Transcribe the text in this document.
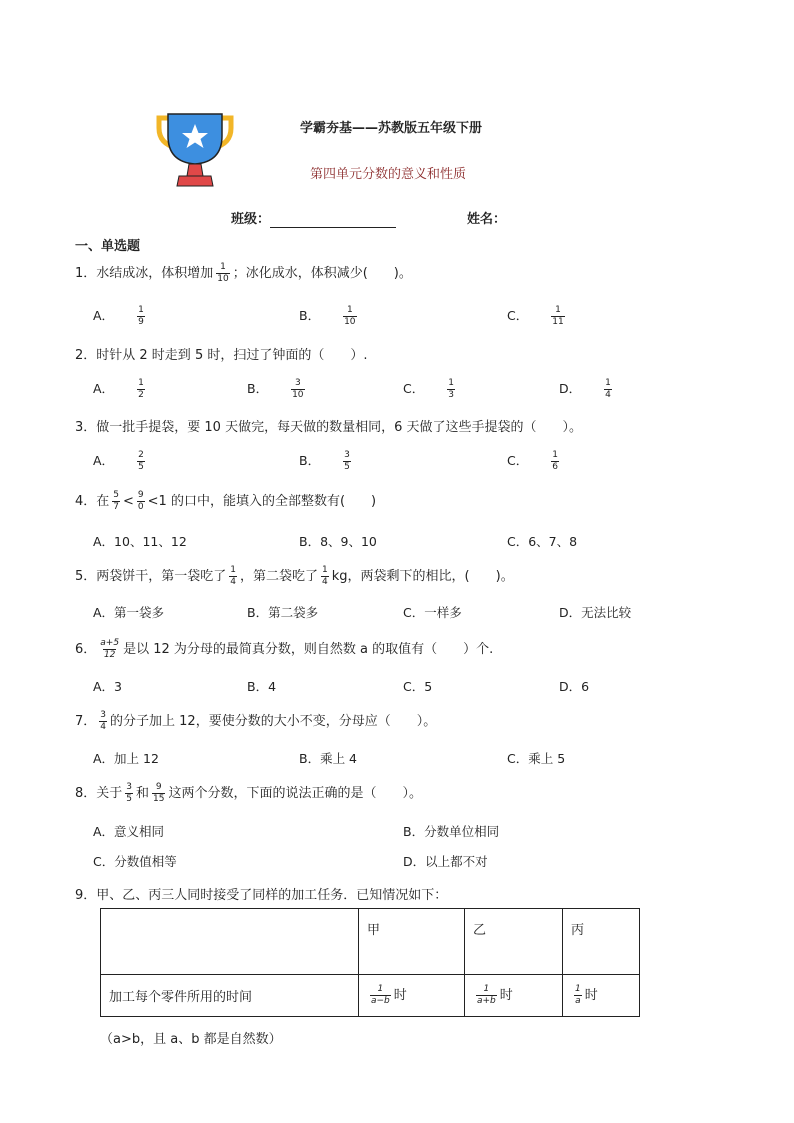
学霸夯基——苏教版五年级下册
第四单元分数的意义和性质
班级：	姓名：
一、单选题
1．水结成冰，体积增加 $\frac{1}{10}$ ；冰化成水，体积减少(　　)。
A．	$\frac{1}{9}$	B．	$\frac{1}{10}$	C．	$\frac{1}{11}$
2．时针从 2 时走到 5 时，扫过了钟面的（　　）.
A．	$\frac{1}{2}$	B．	$\frac{3}{10}$	C．	$\frac{1}{3}$	D．	$\frac{1}{4}$
3．做一批手提袋，要 10 天做完，每天做的数量相同，6 天做了这些手提袋的（　　）。
A．	$\frac{2}{5}$	B．	$\frac{3}{5}$	C．	$\frac{1}{6}$
4．在 $\frac{5}{7} < \frac{9}{0} <1$ 的口中，能填入的全部整数有(　　)
A．10、11、12	B．8、9、10	C．6、7、8
5．两袋饼干，第一袋吃了 $\frac{1}{4}$ ，第二袋吃了 $\frac{1}{4}$ kg，两袋剩下的相比，(　　)。
A．第一袋多	B．第二袋多	C．一样多	D．无法比较
6． $\frac{a+5}{12}$ 是以 12 为分母的最简真分数，则自然数 a 的取值有（　　）个.
A．3	B．4	C．5	D．6
7． $\frac{3}{4}$ 的分子加上 12，要使分数的大小不变，分母应（　　）。
A．加上 12	B．乘上 4	C．乘上 5
8．关于 $\frac{3}{5}$ 和 $\frac{9}{15}$ 这两个分数，下面的说法正确的是（　　）。
A．意义相同	B．分数单位相同
C．分数值相等	D．以上都不对
9．甲、乙、丙三人同时接受了同样的加工任务．已知情况如下：
	甲	乙	丙
加工每个零件所用的时间	$\frac{1}{a-b}$ 时	$\frac{1}{a+b}$ 时	$\frac{1}{a}$ 时
（a>b，且 a、b 都是自然数）
